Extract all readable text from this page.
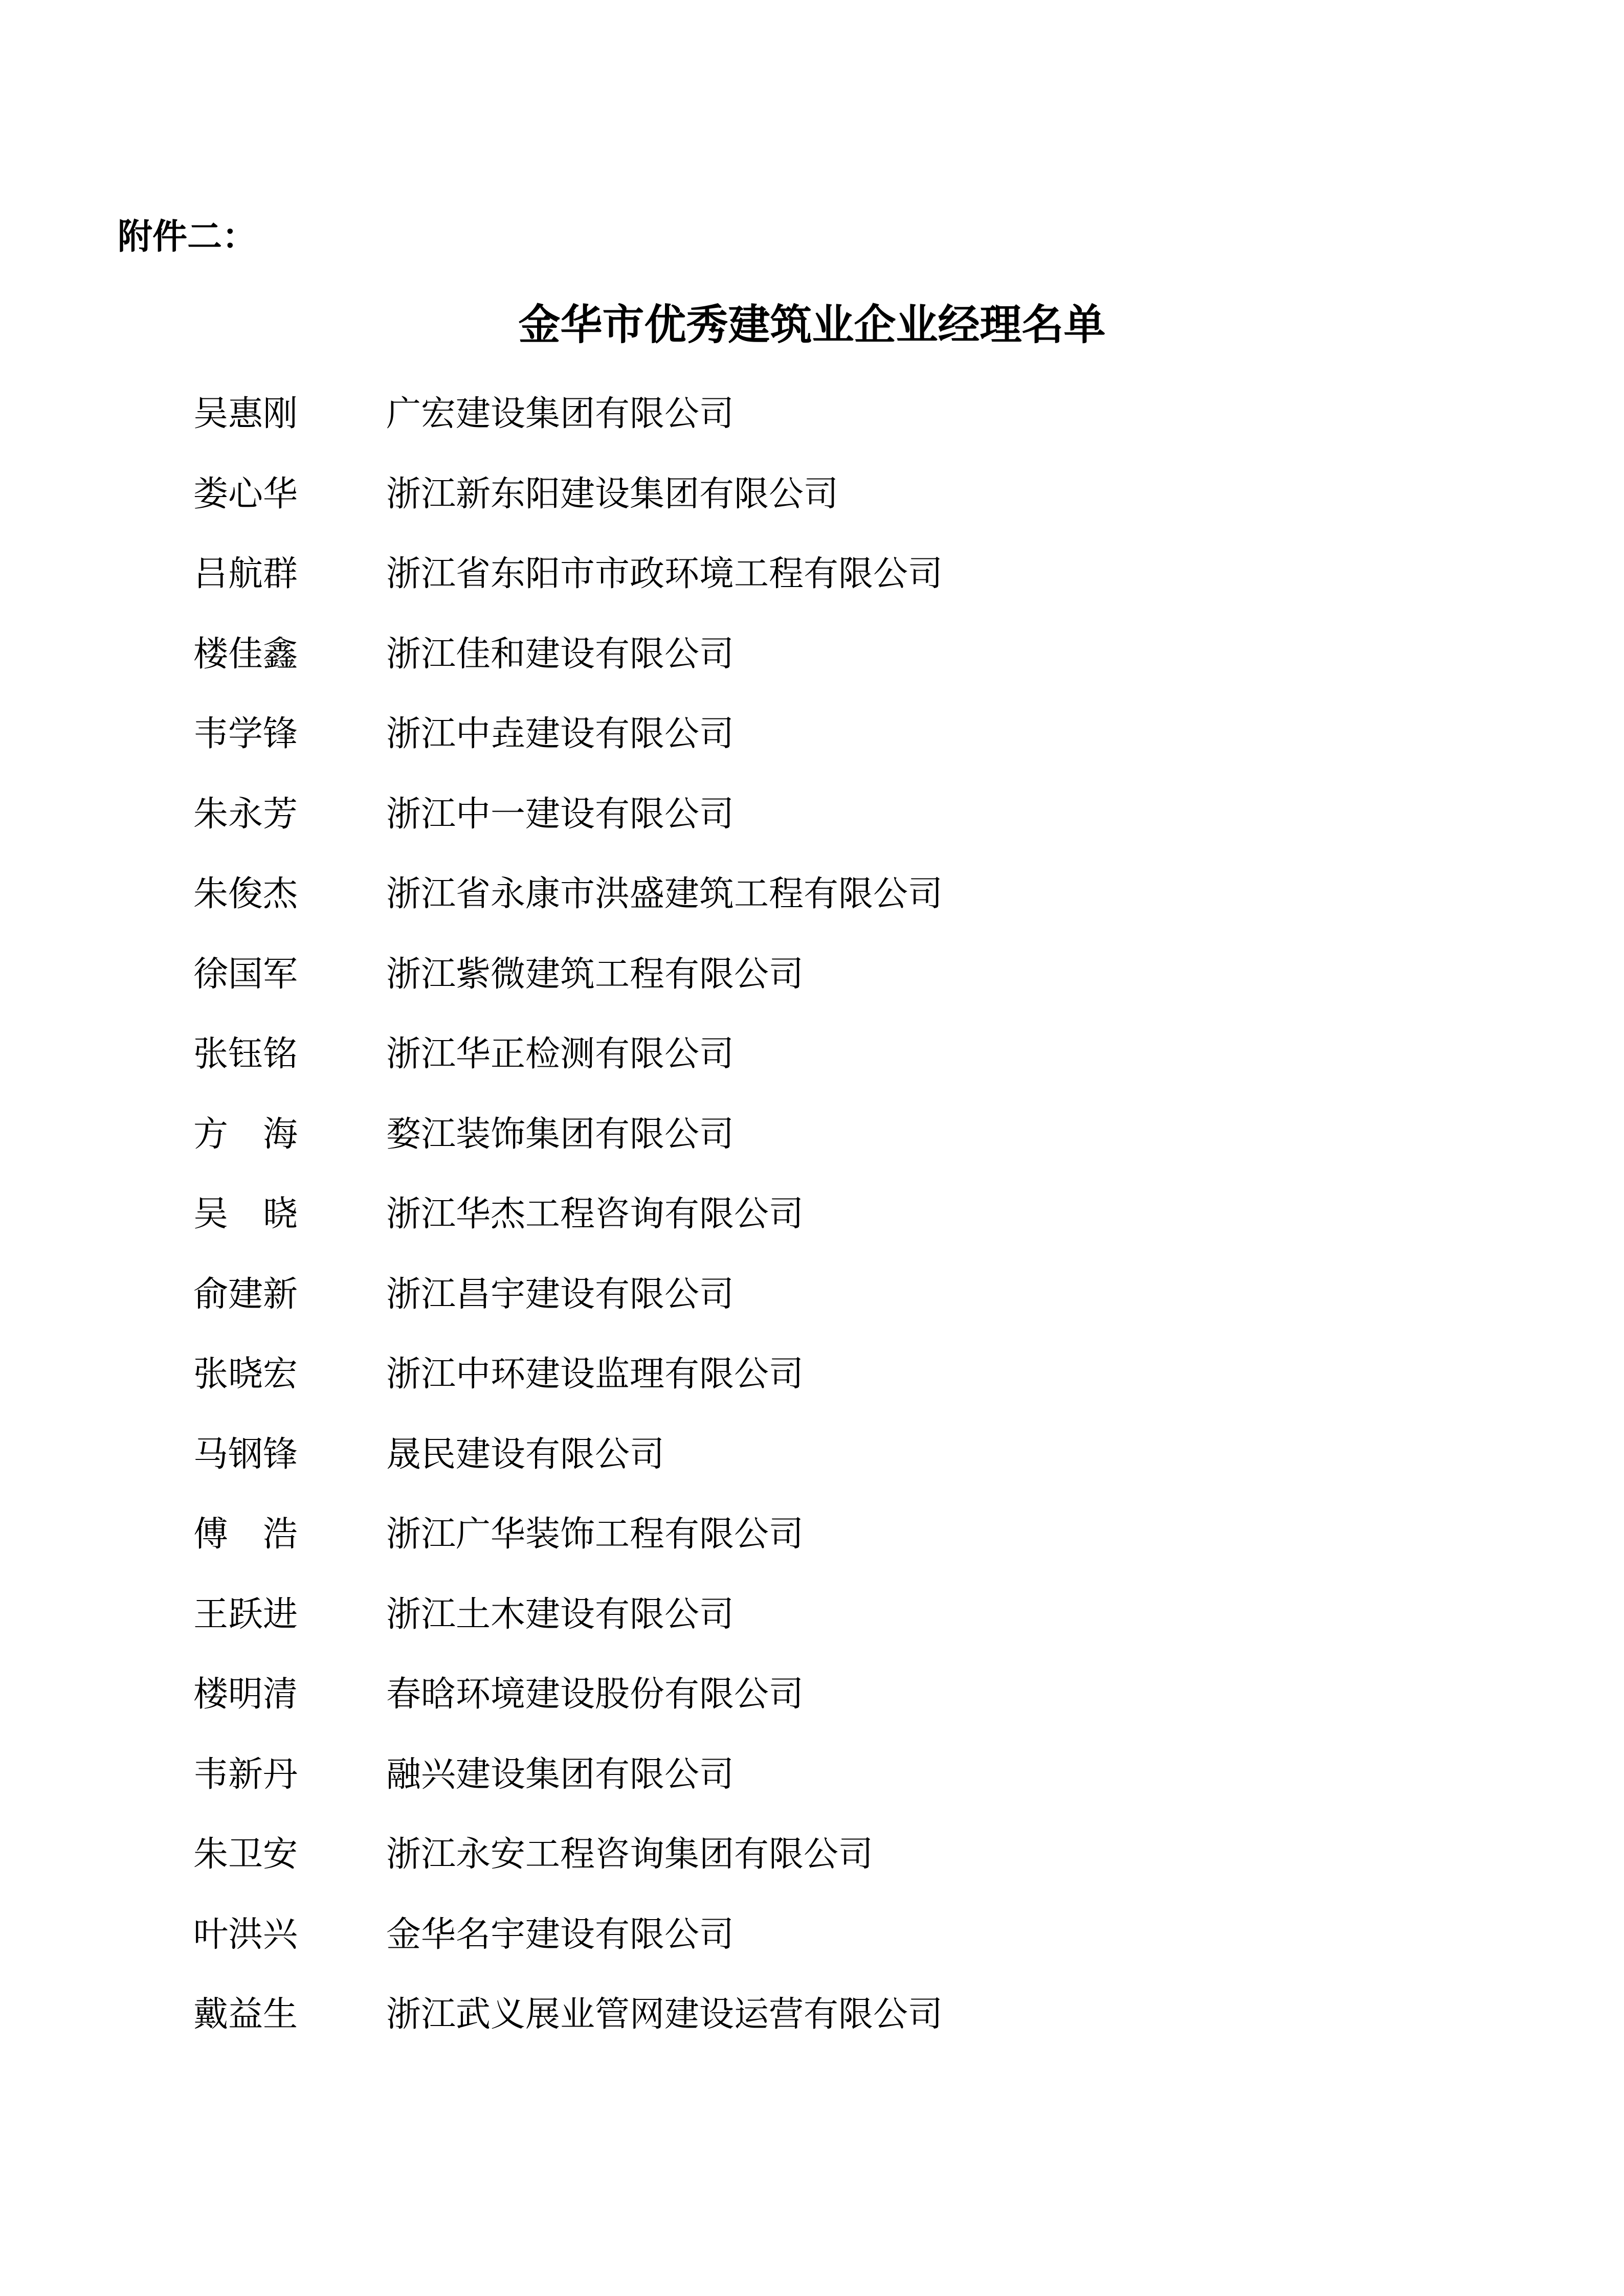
附件二：
金华市优秀建筑业企业经理名单
吴惠刚	广宏建设集团有限公司
娄心华	浙江新东阳建设集团有限公司
吕航群	浙江省东阳市市政环境工程有限公司
楼佳鑫	浙江佳和建设有限公司
韦学锋	浙江中垚建设有限公司
朱永芳	浙江中一建设有限公司
朱俊杰	浙江省永康市洪盛建筑工程有限公司
徐国军	浙江紫微建筑工程有限公司
张钰铭	浙江华正检测有限公司
方　海	婺江装饰集团有限公司
吴　晓	浙江华杰工程咨询有限公司
俞建新	浙江昌宇建设有限公司
张晓宏	浙江中环建设监理有限公司
马钢锋	晟民建设有限公司
傅　浩	浙江广华装饰工程有限公司
王跃进	浙江土木建设有限公司
楼明清	春晗环境建设股份有限公司
韦新丹	融兴建设集团有限公司
朱卫安	浙江永安工程咨询集团有限公司
叶洪兴	金华名宇建设有限公司
戴益生	浙江武义展业管网建设运营有限公司
